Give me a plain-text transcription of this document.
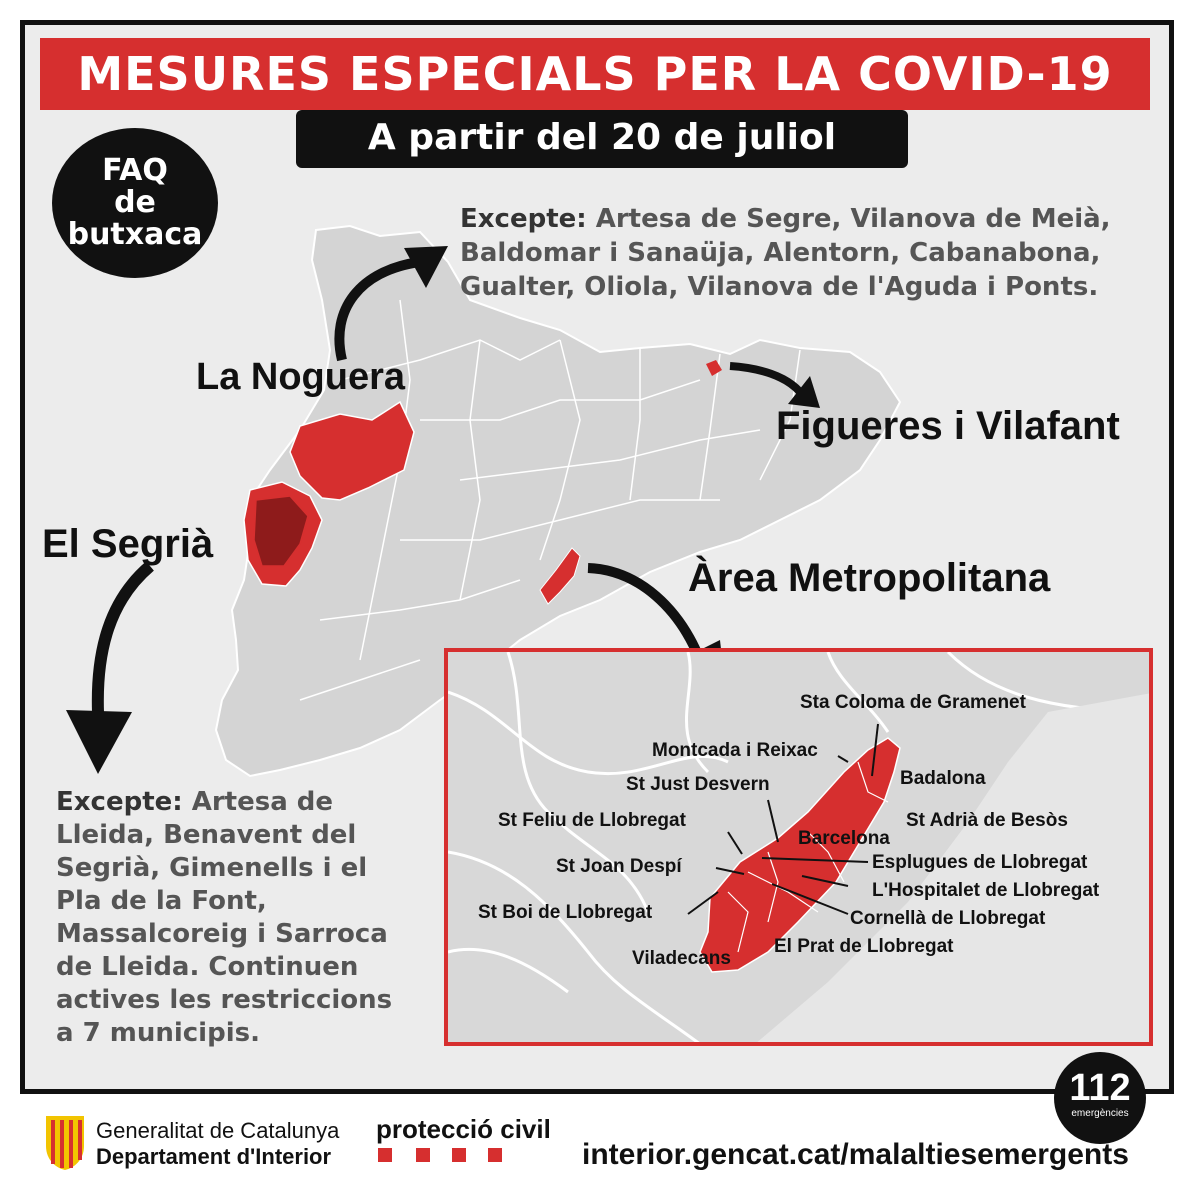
MESURES ESPECIALS PER LA COVID-19
A partir del 20 de juliol
FAQ
de
butxaca	Excepte: Artesa de Segre, Vilanova de Meià, Baldomar i Sanaüja, Alentorn, Cabanabona, Gualter, Oliola, Vilanova de l'Aguda i Ponts.
La Noguera
Figueres i Vilafant
El Segrià
Àrea Metropolitana
Excepte: Artesa de Lleida, Benavent del Segrià, Gimenells i el Pla de la Font, Massalcoreig i Sarroca de Lleida. Continuen actives les restriccions a 7 municipis.
Sta Coloma de Gramenet
Montcada i Reixac
Badalona
St Just Desvern
St Adrià de Besòs
St Feliu de Llobregat
Barcelona
Esplugues de Llobregat
St Joan Despí
L'Hospitalet de Llobregat
St Boi de Llobregat	Cornellà de Llobregat
El Prat de Llobregat
Viladecans
Generalitat de Catalunya
Departament d'Interior
protecció civil
112
emergències
interior.gencat.cat/malaltiesemergents
